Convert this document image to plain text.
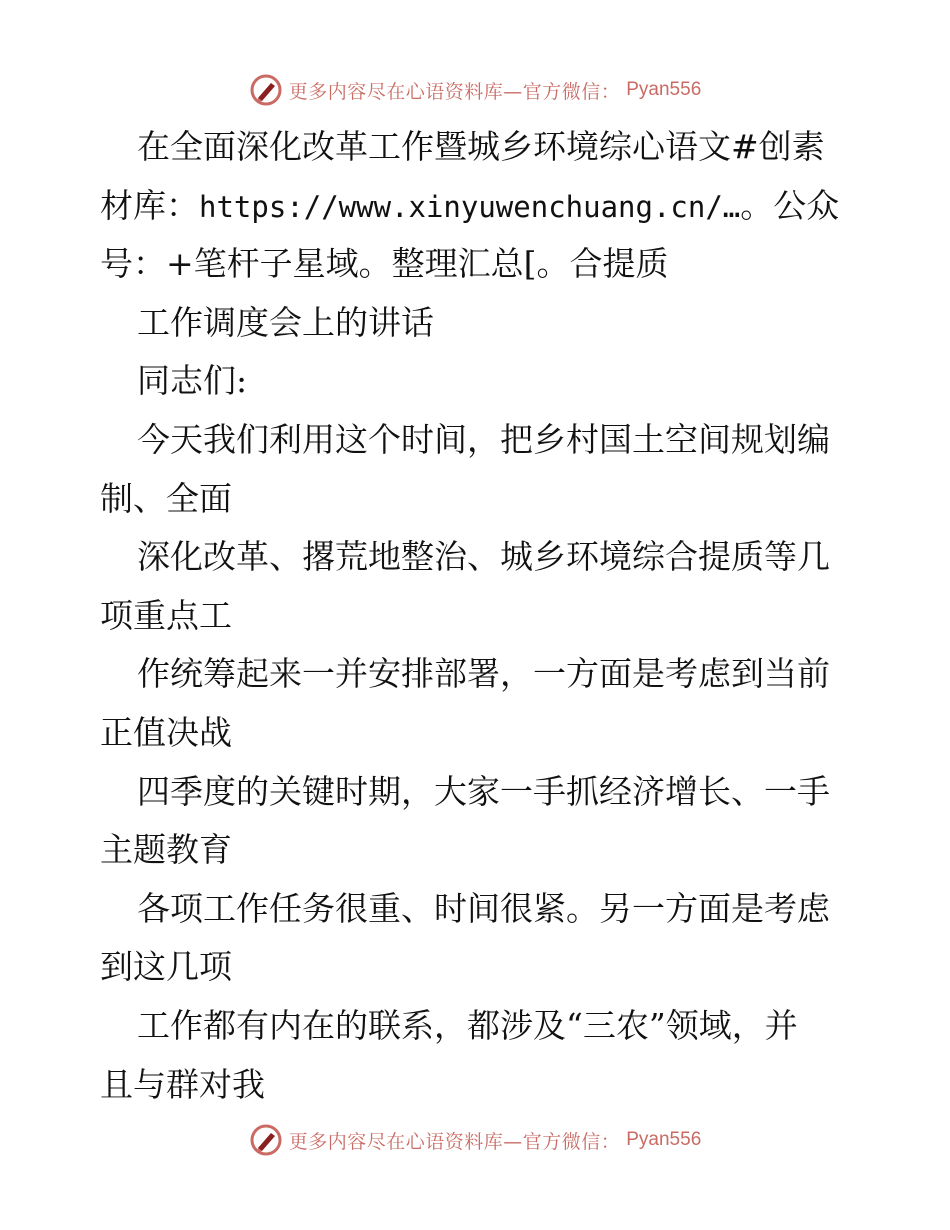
更多内容尽在心语资料库—官方微信： Pyan556
在全面深化改革工作暨城乡环境综心语文#创素
材库：https://www.xinyuwenchuang.cn/…。公众
号：+笔杆子星域。整理汇总[。合提质
工作调度会上的讲话
同志们:
今天我们利用这个时间，把乡村国土空间规划编
制、全面
深化改革、撂荒地整治、城乡环境综合提质等几
项重点工
作统筹起来一并安排部署，一方面是考虑到当前
正值决战
四季度的关键时期，大家一手抓经济增长、一手
主题教育
各项工作任务很重、时间很紧。另一方面是考虑
到这几项
工作都有内在的联系，都涉及“三农”领域，并
且与群对我
更多内容尽在心语资料库—官方微信： Pyan556
